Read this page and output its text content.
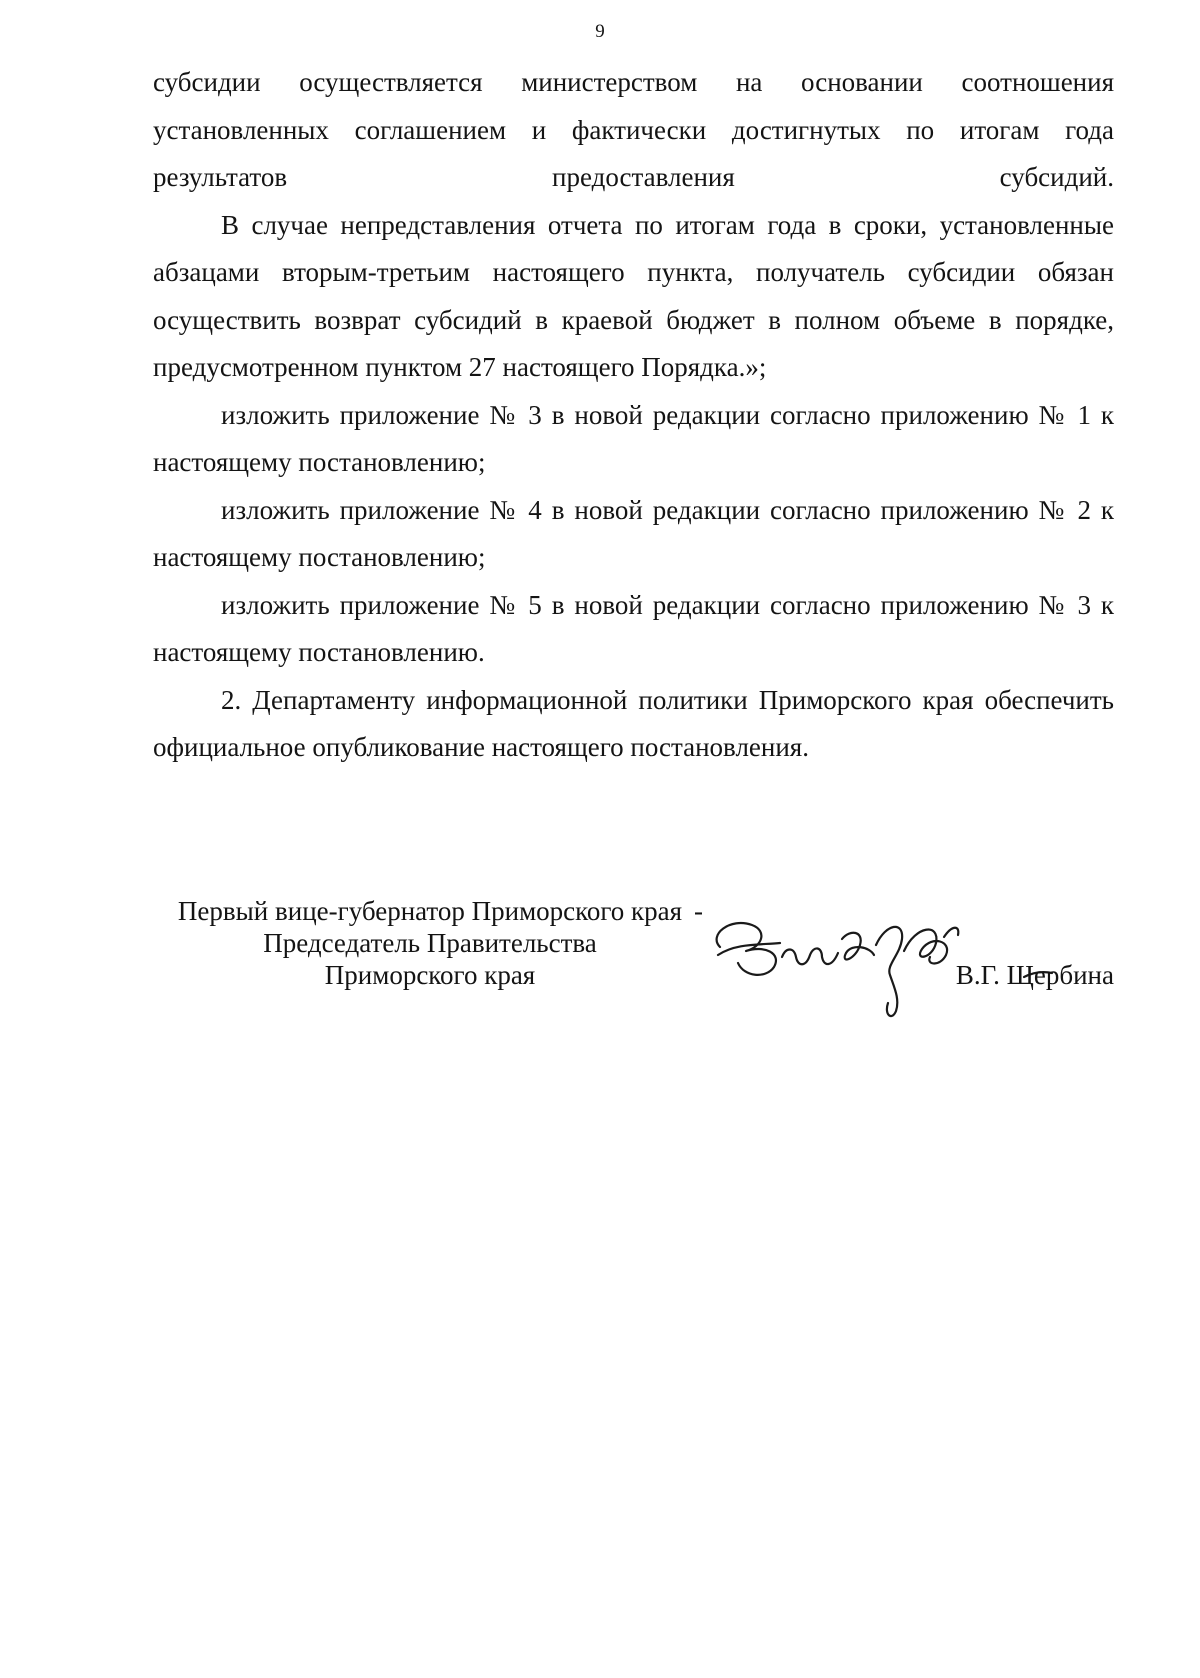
9

субсидии осуществляется министерством на основании соотношения установленных соглашением и фактически достигнутых по итогам года результатов предоставления субсидий.

В случае непредставления отчета по итогам года в сроки, установленные абзацами вторым-третьим настоящего пункта, получатель субсидии обязан осуществить возврат субсидий в краевой бюджет в полном объеме в порядке, предусмотренном пунктом 27 настоящего Порядка.»;

изложить приложение № 3 в новой редакции согласно приложению № 1 к настоящему постановлению;

изложить приложение № 4 в новой редакции согласно приложению № 2 к настоящему постановлению;

изложить приложение № 5 в новой редакции согласно приложению № 3 к настоящему постановлению.

2. Департаменту информационной политики Приморского края обеспечить официальное опубликование настоящего постановления.

Первый вице-губернатор Приморского края
Председатель Правительства
Приморского края
-
В.Г. Щербина
